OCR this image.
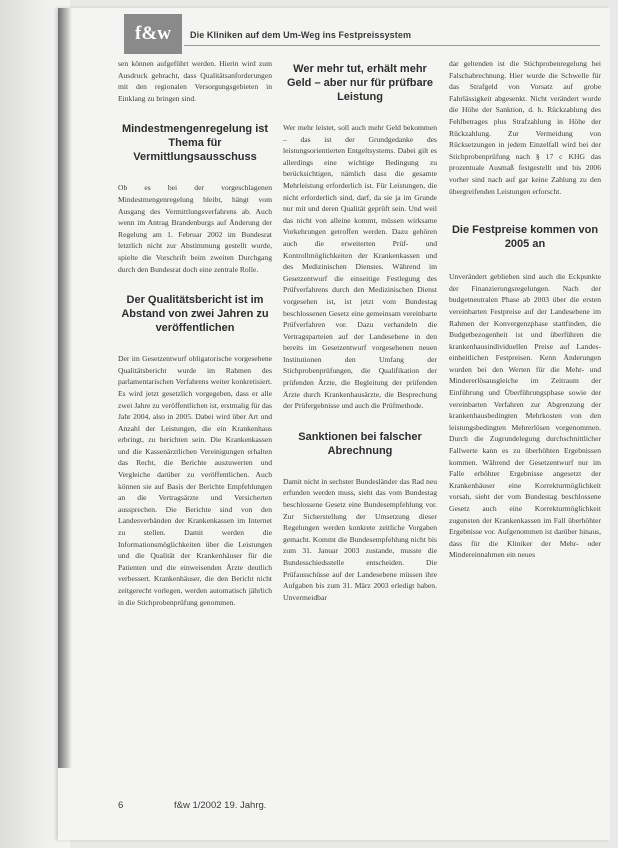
f&w	Die Kliniken auf dem Um-Weg ins Festpreissystem

sen können aufgeführt werden. Hierin wird zum Ausdruck gebracht, dass Qualitätsanforderungen mit den regionalen Versorgungsgebieten in Einklang zu bringen sind.

Mindestmengenregelung ist Thema für Vermittlungsausschuss

Ob es bei der vorgeschlagenen Mindestmengenregelung bleibt, hängt vom Ausgang des Vermittlungsverfahrens ab. Auch wenn im Antrag Brandenburgs auf Änderung der Regelung am 1. Februar 2002 im Bundesrat letztlich nicht zur Abstimmung gestellt wurde, spielte die Vorschrift beim zweiten Durchgang durch den Bundesrat doch eine zentrale Rolle.

Der Qualitätsbericht ist im Abstand von zwei Jahren zu veröffentlichen

Der im Gesetzentwurf obligatorische vorgesehene Qualitätsbericht wurde im Rahmen des parlamentarischen Verfahrens weiter konkretisiert. Es wird jetzt gesetzlich vorgegeben, dass er alle zwei Jahre zu veröffentlichen ist, erstmalig für das Jahr 2004, also in 2005. Dabei wird über Art und Anzahl der Leistungen, die ein Krankenhaus erbringt, zu berichten sein. Die Krankenkassen und die Kassenärztlichen Vereinigungen erhalten das Recht, die Berichte auszuwerten und Vergleiche darüber zu veröffentlichen. Auch können sie auf Basis der Berichte Empfehlungen an die Vertragsärzte und Versicherten aussprechen. Die Berichte sind von den Landesverbänden der Krankenkassen im Internet zu stellen. Damit werden die Informationsmöglichkeiten über die Leistungen und die Qualität der Krankenhäuser für die Patienten und die einweisenden Ärzte deutlich verbessert. Krankenhäuser, die den Bericht nicht zeitgerecht vorlegen, werden automatisch jährlich in die Stichprobenprüfung genommen.

Wer mehr tut, erhält mehr Geld – aber nur für prüfbare Leistung

Wer mehr leistet, soll auch mehr Geld bekommen – das ist der Grundgedanke des leistungsorientierten Entgeltsystems. Dabei gilt es allerdings eine wichtige Bedingung zu berücksichtigen, nämlich dass die gesamte Mehrleistung erforderlich ist. Für Leistungen, die nicht erforderlich sind, darf, da sie ja im Grunde nur mit und deren Qualität geprüft sein. Und weil das nicht von alleine kommt, müssen wirksame Vorkehrungen getroffen werden. Dazu gehören auch die erweiterten Prüf- und Kontrollmöglichkeiten der Krankenkassen und des Medizinischen Dienstes. Während im Gesetzentwurf die einseitige Festlegung des Prüfverfahrens durch den Medizinischen Dienst vorgesehen ist, ist jetzt vom Bundestag beschlossenen Gesetz eine gemeinsam vereinbarte Prüfverfahren vor. Dazu verhandeln die Vertragsparteien auf der Landesebene in den bereits im Gesetzentwurf vorgesehenen neuen Institutionen den Umfang der Stichprobenprüfungen, die Qualifikation der prüfenden Ärzte, die Begleitung der prüfenden Ärzte durch Krankenhausärzte, die Besprechung der Prüfergebnisse und auch die Prüfmethode.

Sanktionen bei falscher Abrechnung

Damit nicht in sechster Bundesländer das Rad neu erfunden werden muss, sieht das vom Bundestag beschlossene Gesetz eine Bundesempfehlung vor. Zur Sicherstellung der Umsetzung dieser Regelungen werden konkrete zeitliche Vorgaben gemacht. Kommt die Bundesempfehlung nicht bis zum 31. Januar 2003 zustande, musste die Bundesschiedsstelle entscheiden. Die Prüfausschüsse auf der Landesebene müssen ihre Aufgaben bis zum 31. März 2003 erledigt haben. Unvermeidbar

dar geltenden ist die Stichprobenregelung bei Falschabrechnung. Hier wurde die Schwelle für das Strafgeld von Vorsatz auf grobe Fahrlässigkeit abgesenkt. Nicht verändert wurde die Höhe der Sanktion, d. h. Rückzahlung des Fehlbetrages plus Strafzahlung in Höhe der Rückzahlung. Zur Vermeidung von Rücksetzungen in jedem Einzelfall wird bei der Stichprobenprüfung nach § 17 c KHG das prozentuale Ausmaß festgestellt und bis 2006 vorher sind nach auf gar keine Zahlung zu den übergreifenden Leistungen erforscht.

Die Festpreise kommen von 2005 an

Unverändert geblieben sind auch die Eckpunkte der Finanzierungsregelungen. Nach der budgetneutralen Phase ab 2003 über die ersten vereinbarten Festpreise auf der Landesebene im Rahmen der Konvergenzphase stattfinden, die Budgetbezogenheit ist und überführen die krankenhausindividuellen Preise auf Landes-einheitlichen Festpreisen. Kenn Änderungen wurden bei den Werten für die Mehr- und Mindererlösausgleiche im Zeitraum der Einführung und Überführungsphase sowie der vereinbarten Verfahren zur Abgrenzung der krankenhausbedingten Mehrkosten von den leistungsbedingten Mehrerlösen vorgenommen. Durch die Zugrundelegung durchschnittlicher Fallwerte kann es zu überhöhten Ergebnissen kommen. Während der Gesetzentwurf nur im Falle erhöhter Ergebnisse angesetzt der Krankenhäuser eine Korrekturmöglichkeit vorsah, sieht der vom Bundestag beschlossene Gesetz auch eine Korrekturmöglichkeit zugunsten der Krankenkassen im Fall überhöhter Ergebnisse vor. Aufgenommen ist darüber hinaus, dass für die Kliniker der Mehr- oder Mindereinnahmen ein neues

6	f&w 1/2002 19. Jahrg.
